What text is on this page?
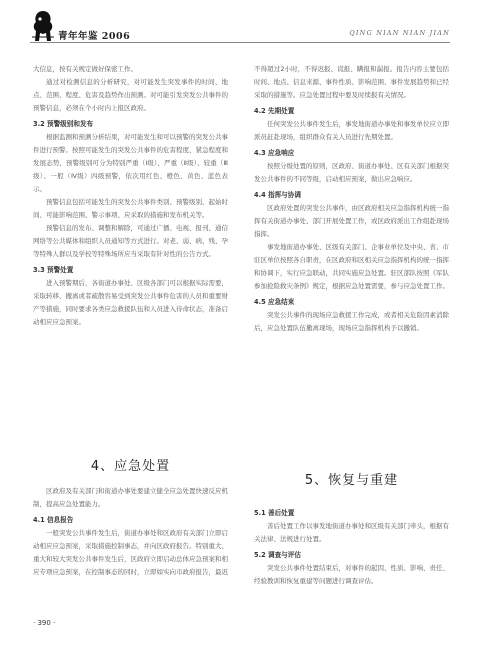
青年年鉴 2006	QING NIAN NIAN JIAN

大信息，按有关规定做好保密工作。

通过对检测信息的分析研究，对可能发生突发事件的时间、地点、范围、程度、危害及趋势作出预测。对可能引发突发公共事件的预警信息，必须在个小时内上报区政府。

3.2 预警级别和发布

根据监测和预测分析结果，对可能发生和可以预警的突发公共事件进行预警。按照可能发生的突发公共事件的危害程度、紧急程度和发展态势，预警级别可分为特别严重（Ⅰ级）、严重（Ⅱ级）、较重（Ⅲ级）、一般（Ⅳ级）四级预警，依次用红色、橙色、黄色、蓝色表示。

预警信息包括可能发生的突发公共事件类别、预警级别、起始时间、可能影响范围、警示事项、应采取的措施和发布机关等。

预警信息的发布、调整和解除，可通过广播、电视、报刊、通信网络等公共媒体和组织人员通知等方式进行。对老、弱、病、残、孕等特殊人群以及学校等特殊场所应当采取有针对性的公告方式。

3.3 预警处置

进入预警期后，各街道办事处、区级各部门可以根据实际需要，采取转移、撤离或者疏散容易受到突发公共事件危害的人员和重要财产等措施，同时要求各类应急救援队伍和人员进入待命状态，准备启动相应应急预案。

不得超过2小时，不得迟报、谎报、瞒报和漏报。报告内容主要包括时间、地点、信息来源、事件性质、影响范围、事件发展趋势和已经采取的措施等。应急处置过程中要及时续报有关情况。

4.2 先期处置

任何突发公共事件发生后，事发地街道办事处和事发单位应立即派员赶赴现场，组织群众有关人员进行先期处置。

4.3 应急响应

按照分级处置的原则，区政府、街道办事处、区有关部门根据突发公共事件的不同等级，启动相应预案，做出应急响应。

4.4 指挥与协调

区政府处置的突发公共事件，由区政府相关应急指挥机构统一指挥有关街道办事处、部门开展处置工作，或区政府派出工作组赴现场指挥。

事发地街道办事处、区级有关部门、企事业单位及中央、省、市驻区单位按照各自职责，在区政府和区相关应急指挥机构的统一指挥和协调下，实行应急联动，共同实施应急处置。驻区部队按照《军队参加抢险救灾条例》规定，根据应急处置需要，参与应急处置工作。

4.5 应急结束

突发公共事件的现场应急救援工作完成，或者相关危险因素消除后，应急处置队伍撤离现场，现场应急指挥机构予以撤销。

4、应急处置

区政府及有关部门和街道办事处要建立健全应急处置快速反应机制，提高应急处置能力。

4.1 信息报告

一般突发公共事件发生后，街道办事处和区政府有关部门立即启动相应应急预案，采取措施控制事态，并向区政府报告。特别重大、重大和较大突发公共事件发生后，区政府立即启动总体应急预案和相应专项应急预案，在控制事态的同时，立即如实向市政府报告，最迟

5、恢复与重建
5.1 善后处置

善后处置工作以事发地街道办事处和区级有关部门牵头，根据有关法律、法规进行处置。

5.2 调查与评估

突发公共事件处置结束后，对事件的起因、性质、影响、责任、经验教训和恢复重建等问题进行调查评估。

· 390 ·
